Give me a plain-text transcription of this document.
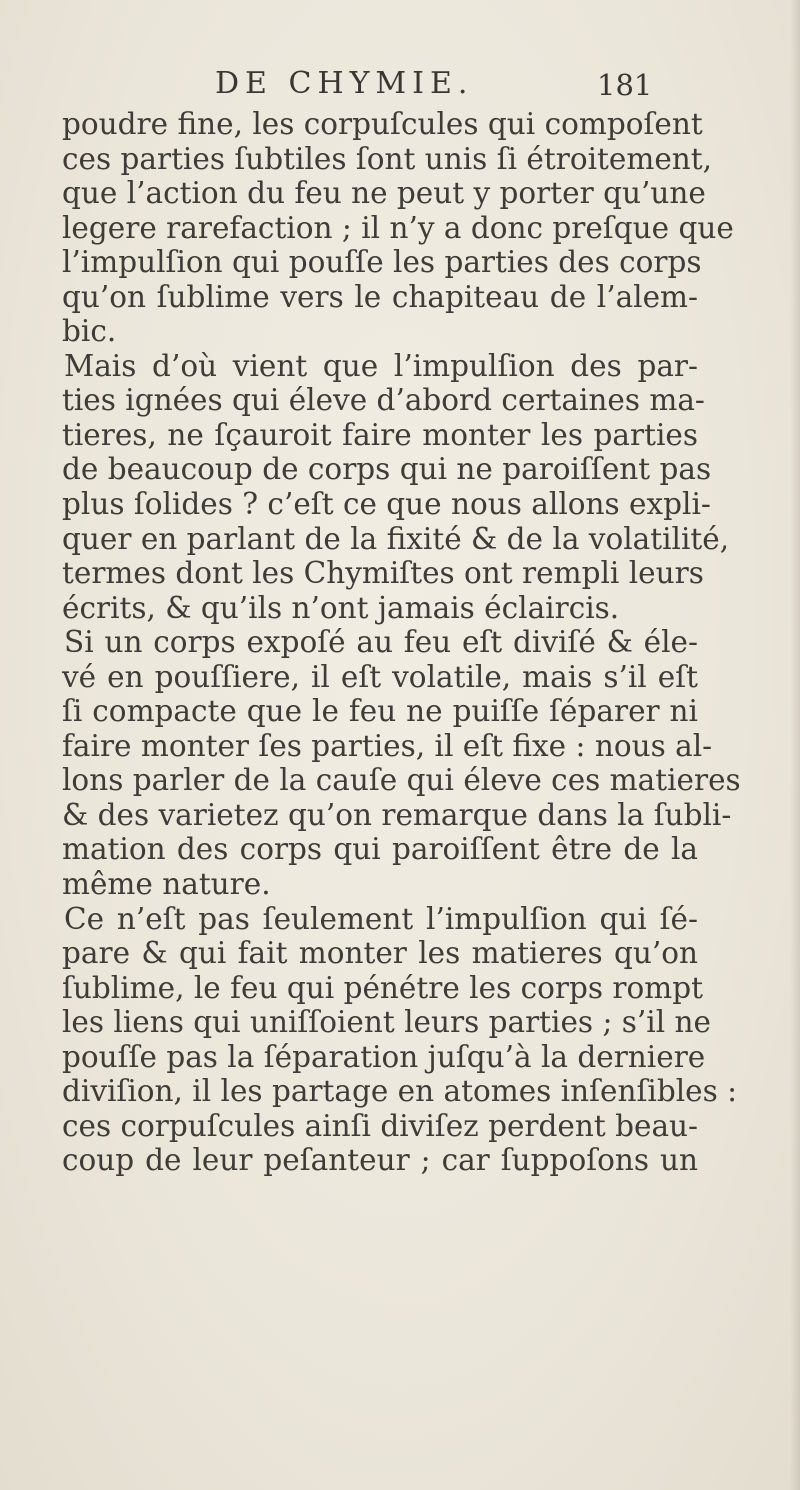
DE CHYMIE.	181
poudre fine, les corpuſcules qui compoſent
ces parties ſubtiles ſont unis ſi étroitement,
que l’action du feu ne peut y porter qu’une
legere rarefaction ; il n’y a donc preſque que
l’impulſion qui pouſſe les parties des corps
qu’on ſublime vers le chapiteau de l’alem-
bic.
Mais d’où vient que l’impulſion des par-
ties ignées qui éleve d’abord certaines ma-
tieres, ne ſçauroit faire monter les parties
de beaucoup de corps qui ne paroiſſent pas
plus ſolides ? c’eſt ce que nous allons expli-
quer en parlant de la fixité & de la volatilité,
termes dont les Chymiſtes ont rempli leurs
écrits, & qu’ils n’ont jamais éclaircis.
Si un corps expoſé au feu eſt diviſé & éle-
vé en pouſſiere, il eſt volatile, mais s’il eſt
ſi compacte que le feu ne puiſſe ſéparer ni
faire monter ſes parties, il eſt fixe : nous al-
lons parler de la cauſe qui éleve ces matieres
& des varietez qu’on remarque dans la ſubli-
mation des corps qui paroiſſent être de la
même nature.
Ce n’eſt pas ſeulement l’impulſion qui ſé-
pare & qui fait monter les matieres qu’on
ſublime, le feu qui pénétre les corps rompt
les liens qui uniſſoient leurs parties ; s’il ne
pouſſe pas la ſéparation juſqu’à la derniere
diviſion, il les partage en atomes inſenſibles :
ces corpuſcules ainſi diviſez perdent beau-
coup de leur peſanteur ; car ſuppoſons un
